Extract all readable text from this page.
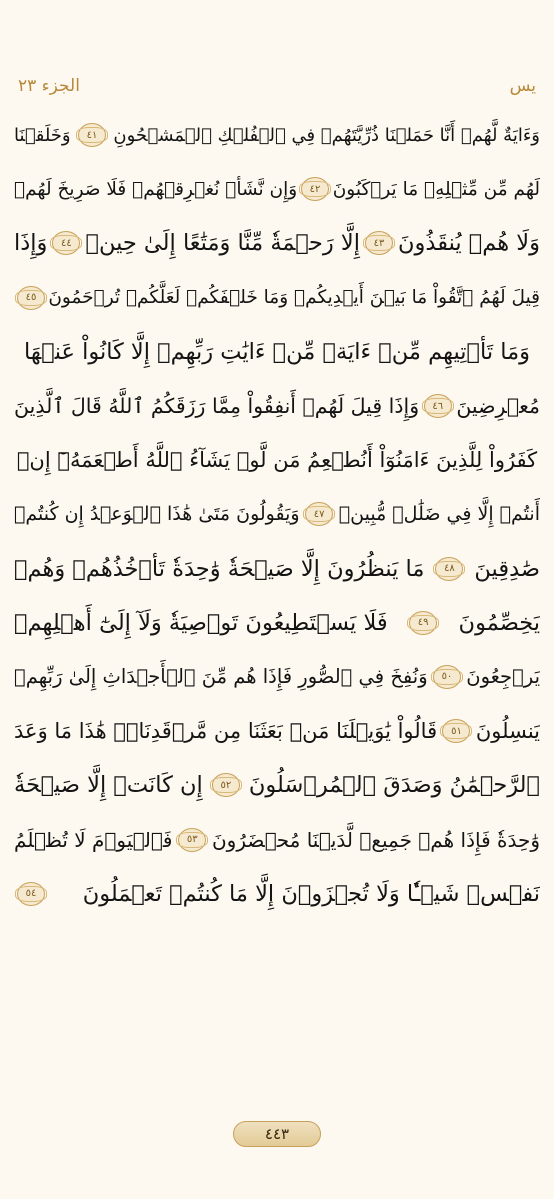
الجزء ٢٣	يس
وَءَايَةٌ لَّهُمۡ أَنَّا حَمَلۡنَا ذُرِّيَّتَهُمۡ فِي ٱلۡفُلۡكِ ٱلۡمَشۡحُونِ
٤١
وَخَلَقۡنَا
لَهُم مِّن مِّثۡلِهِۦ مَا يَرۡكَبُونَ
٤٢
وَإِن نَّشَأۡ نُغۡرِقۡهُمۡ فَلَا صَرِيخَ لَهُمۡ
وَلَا هُمۡ يُنقَذُونَ
٤٣
إِلَّا رَحۡمَةٗ مِّنَّا وَمَتَٰعًا إِلَىٰ حِينٖ
٤٤
وَإِذَا
قِيلَ لَهُمُ ٱتَّقُواْ مَا بَيۡنَ أَيۡدِيكُمۡ وَمَا خَلۡفَكُمۡ لَعَلَّكُمۡ تُرۡحَمُونَ
٤٥
وَمَا تَأۡتِيهِم مِّنۡ ءَايَةٖ مِّنۡ ءَايَٰتِ رَبِّهِمۡ إِلَّا كَانُواْ عَنۡهَا
مُعۡرِضِينَ
٤٦
وَإِذَا قِيلَ لَهُمۡ أَنفِقُواْ مِمَّا رَزَقَكُمُ ٱللَّهُ قَالَ ٱلَّذِينَ
كَفَرُواْ لِلَّذِينَ ءَامَنُوٓاْ أَنُطۡعِمُ مَن لَّوۡ يَشَآءُ ٱللَّهُ أَطۡعَمَهُۥٓ إِنۡ
أَنتُمۡ إِلَّا فِي ضَلَٰلٖ مُّبِينٖ
٤٧
وَيَقُولُونَ مَتَىٰ هَٰذَا ٱلۡوَعۡدُ إِن كُنتُمۡ
صَٰدِقِينَ
٤٨
مَا يَنظُرُونَ إِلَّا صَيۡحَةٗ وَٰحِدَةٗ تَأۡخُذُهُمۡ وَهُمۡ
يَخِصِّمُونَ
٤٩
فَلَا يَسۡتَطِيعُونَ تَوۡصِيَةٗ وَلَآ إِلَىٰٓ أَهۡلِهِمۡ
يَرۡجِعُونَ
٥٠
وَنُفِخَ فِي ٱلصُّورِ فَإِذَا هُم مِّنَ ٱلۡأَجۡدَاثِ إِلَىٰ رَبِّهِمۡ
يَنسِلُونَ
٥١
قَالُواْ يَٰوَيۡلَنَا مَنۢ بَعَثَنَا مِن مَّرۡقَدِنَاۜۗ هَٰذَا مَا وَعَدَ
ٱلرَّحۡمَٰنُ وَصَدَقَ ٱلۡمُرۡسَلُونَ
٥٢
إِن كَانَتۡ إِلَّا صَيۡحَةٗ
وَٰحِدَةٗ فَإِذَا هُمۡ جَمِيعٞ لَّدَيۡنَا مُحۡضَرُونَ
٥٣
فَٱلۡيَوۡمَ لَا تُظۡلَمُ
نَفۡسٞ شَيۡـٔٗا وَلَا تُجۡزَوۡنَ إِلَّا مَا كُنتُمۡ تَعۡمَلُونَ
٥٤
٤٤٣
